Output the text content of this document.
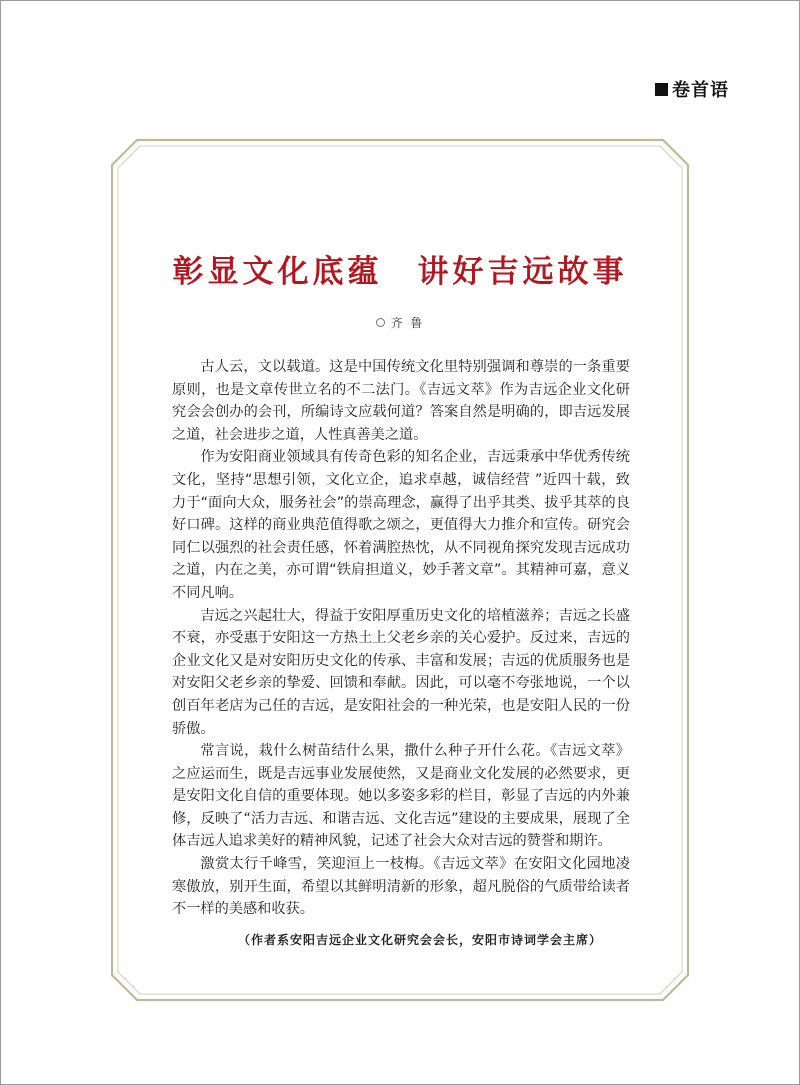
卷首语
彰显文化底蕴　讲好吉远故事
齐 鲁

古人云，文以载道。这是中国传统文化里特别强调和尊崇的一条重要原则，也是文章传世立名的不二法门。《吉远文萃》作为吉远企业文化研究会会创办的会刊，所编诗文应载何道？答案自然是明确的，即吉远发展之道，社会进步之道，人性真善美之道。

作为安阳商业领域具有传奇色彩的知名企业，吉远秉承中华优秀传统文化，坚持“思想引领，文化立企，追求卓越，诚信经营 ”近四十载，致力于“面向大众，服务社会”的崇高理念，赢得了出乎其类、拔乎其萃的良好口碑。这样的商业典范值得歌之颂之，更值得大力推介和宣传。研究会同仁以强烈的社会责任感，怀着满腔热忱，从不同视角探究发现吉远成功之道，内在之美，亦可谓“铁肩担道义，妙手著文章”。其精神可嘉，意义不同凡响。

吉远之兴起壮大，得益于安阳厚重历史文化的培植滋养；吉远之长盛不衰，亦受惠于安阳这一方热土上父老乡亲的关心爱护。反过来，吉远的企业文化又是对安阳历史文化的传承、丰富和发展；吉远的优质服务也是对安阳父老乡亲的挚爱、回馈和奉献。因此，可以毫不夸张地说，一个以创百年老店为己任的吉远，是安阳社会的一种光荣，也是安阳人民的一份骄傲。

常言说，栽什么树苗结什么果，撒什么种子开什么花。《吉远文萃》之应运而生，既是吉远事业发展使然，又是商业文化发展的必然要求，更是安阳文化自信的重要体现。她以多姿多彩的栏目，彰显了吉远的内外兼修，反映了“活力吉远、和谐吉远、文化吉远”建设的主要成果，展现了全体吉远人追求美好的精神风貌，记述了社会大众对吉远的赞誉和期许。

激赏太行千峰雪，笑迎洹上一枝梅。《吉远文萃》在安阳文化园地凌寒傲放，别开生面，希望以其鲜明清新的形象，超凡脱俗的气质带给读者不一样的美感和收获。

（作者系安阳吉远企业文化研究会会长，安阳市诗词学会主席）
